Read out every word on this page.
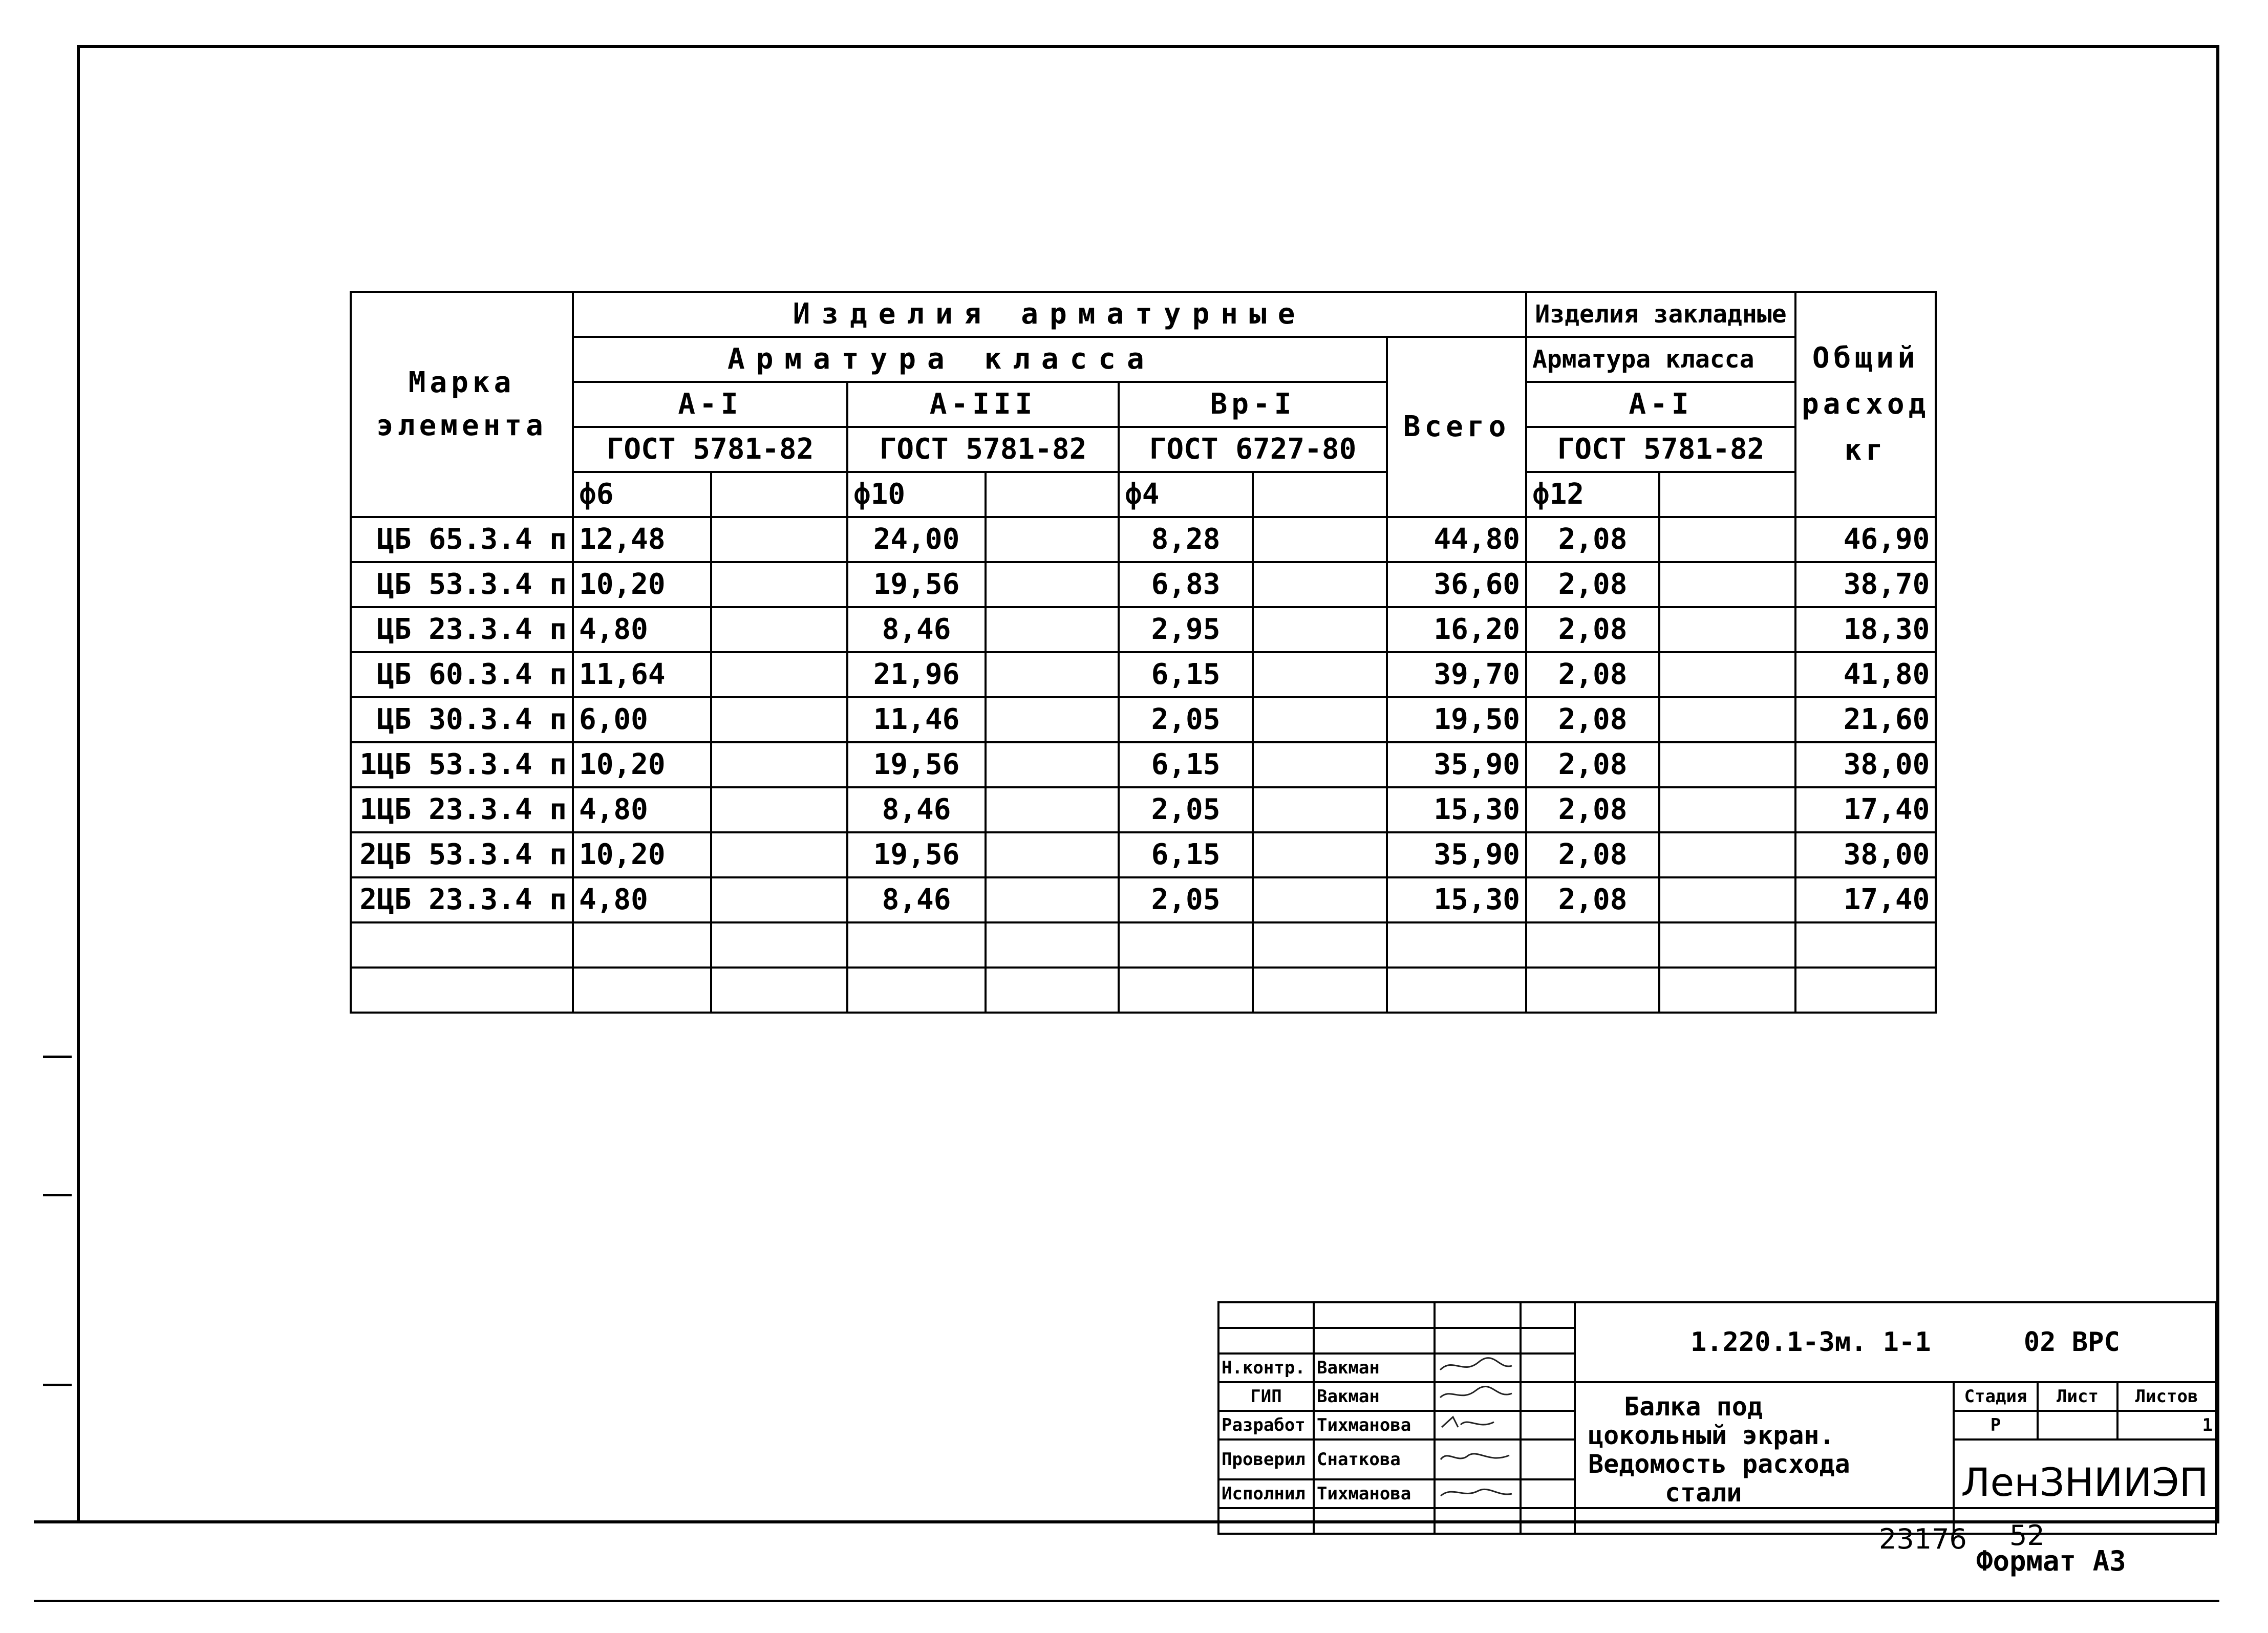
Марка элемента	Изделия арматурные							Изделия закладные		Общий расход кг
	Арматура класса						Всего	Арматура класса		
	А-I		А-III		Вр-I			А-I		
	ГОСТ 5781-82		ГОСТ 5781-82		ГОСТ 6727-80			ГОСТ 5781-82		
	ф6		ф10		ф4			ф12		
ЦБ 65.3.4 п	12,48		24,00		8,28		44,80	2,08		46,90
ЦБ 53.3.4 п	10,20		19,56		6,83		36,60	2,08		38,70
ЦБ 23.3.4 п	4,80		8,46		2,95		16,20	2,08		18,30
ЦБ 60.3.4 п	11,64		21,96		6,15		39,70	2,08		41,80
ЦБ 30.3.4 п	6,00		11,46		2,05		19,50	2,08		21,60
1ЦБ 53.3.4 п	10,20		19,56		6,15		35,90	2,08		38,00
1ЦБ 23.3.4 п	4,80		8,46		2,05		15,30	2,08		17,40
2ЦБ 53.3.4 п	10,20		19,56		6,15		35,90	2,08		38,00
2ЦБ 23.3.4 п	4,80		8,46		2,05		15,30	2,08		17,40

				1.220.1-3м. 1-1 02 ВРС			

Н.контр.	Вакман		
ГИП	Вакман			Балка под
цокольный экран.
Ведомость расхода
стали	Стадия	Лист	Листов
Разработ	Тихманова				Р		1
Проверил	Снаткова				ЛенЗНИИЭП		
Исполнил	Тихманова		

23176 52
Формат А3
